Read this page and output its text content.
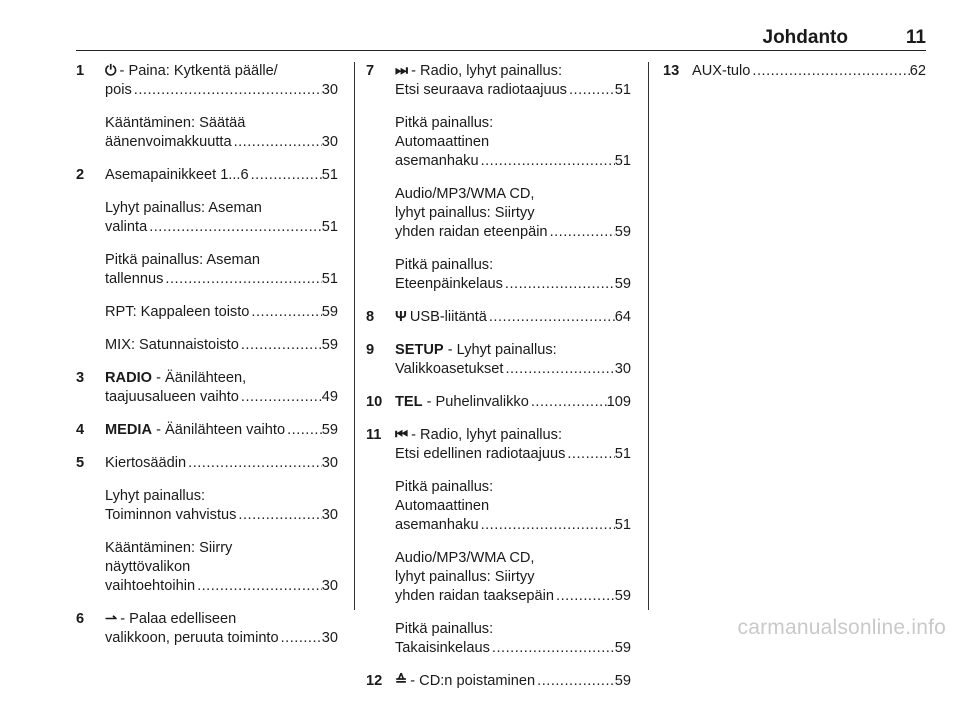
Johdanto	11
1 ⏻ - Paina: Kytkentä päälle/
pois .....	30
Kääntäminen: Säätää
äänenvoimakkuutta .....	30
2 Asemapainikkeet 1...6 .....	51
Lyhyt painallus: Aseman
valinta .....	51
Pitkä painallus: Aseman
tallennus .....	51
RPT: Kappaleen toisto .....	59
MIX: Satunnaistoisto .....	59
3 RADIO - Äänilähteen,
taajuusalueen vaihto .....	49
4 MEDIA - Äänilähteen vaihto .....	59
5 Kiertosäädin .....	30
Lyhyt painallus:
Toiminnon vahvistus .....	30
Kääntäminen: Siirry
näyttövalikon
vaihtoehtoihin .....	30
6 ⇀ - Palaa edelliseen
valikkoon, peruuta toiminto .....	30
7 ⏭ - Radio, lyhyt painallus:
Etsi seuraava radiotaajuus .....	51
Pitkä painallus:
Automaattinen
asemanhaku .....	51
Audio/MP3/WMA CD,
lyhyt painallus: Siirtyy
yhden raidan eteenpäin .....	59
Pitkä painallus:
Eteenpäinkelaus .....	59
8 Ψ USB-liitäntä .....	64
9 SETUP - Lyhyt painallus:
Valikkoasetukset .....	30
10 TEL - Puhelinvalikko .....	109
11 ⏮ - Radio, lyhyt painallus:
Etsi edellinen radiotaajuus .....	51
Pitkä painallus:
Automaattinen
asemanhaku .....	51
Audio/MP3/WMA CD,
lyhyt painallus: Siirtyy
yhden raidan taaksepäin .....	59
Pitkä painallus:
Takaisinkelaus .....	59
12 ≙ - CD:n poistaminen .....	59
13 AUX-tulo .....	62
carmanualsonline.info
